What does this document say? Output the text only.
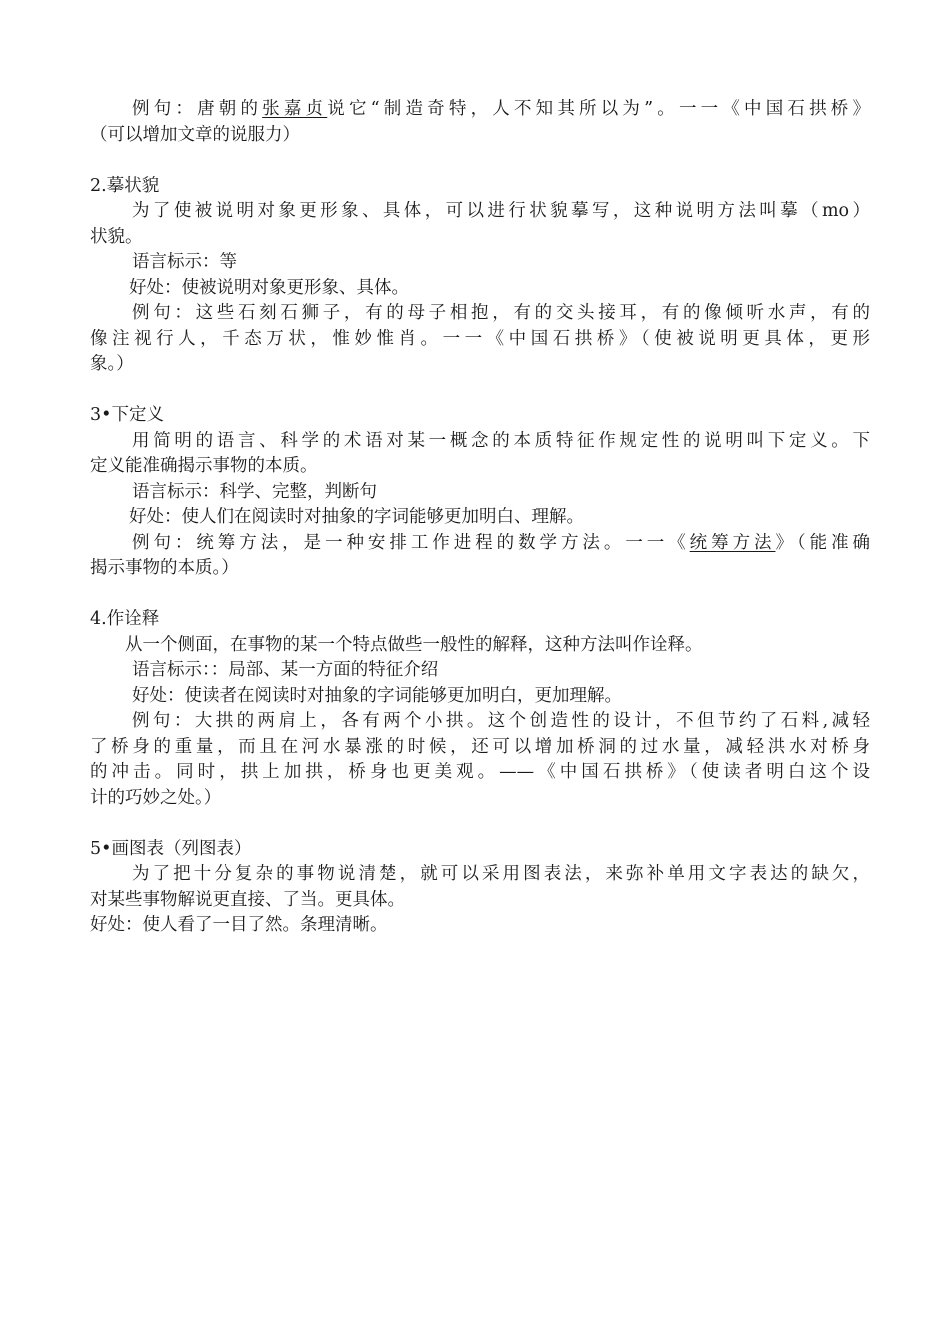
例句：唐朝的张嘉贞说它“制造奇特，人不知其所以为”。一一《中国石拱桥》
（可以增加文章的说服力）
2.摹状貌
为了使被说明对象更形象、具体，可以进行状貌摹写，这种说明方法叫摹（mo）
状貌。
语言标示：等
好处：使被说明对象更形象、具体。
例句：这些石刻石狮子，有的母子相抱，有的交头接耳，有的像倾听水声，有的
像注视行人，千态万状，惟妙惟肖。一一《中国石拱桥》（使被说明更具体，更形
象。）
3•下定义
用简明的语言、科学的术语对某一概念的本质特征作规定性的说明叫下定义。下
定义能准确揭示事物的本质。
语言标示：科学、完整，判断句
好处：使人们在阅读时对抽象的字词能够更加明白、理解。
例句：统筹方法，是一种安排工作进程的数学方法。一一《统筹方法》（能准确
揭示事物的本质。）
4.作诠释
从一个侧面，在事物的某一个特点做些一般性的解释，这种方法叫作诠释。
语言标示：：局部、某一方面的特征介绍
好处：使读者在阅读时对抽象的字词能够更加明白，更加理解。
例句：大拱的两肩上，各有两个小拱。这个创造性的设计，不但节约了石料,减轻
了桥身的重量，而且在河水暴涨的时候，还可以增加桥洞的过水量，减轻洪水对桥身
的冲击。同时，拱上加拱，桥身也更美观。——《中国石拱桥》（使读者明白这个设
计的巧妙之处。）
5•画图表（列图表）
为了把十分复杂的事物说清楚，就可以采用图表法，来弥补单用文字表达的缺欠，
对某些事物解说更直接、了当。更具体。
好处：使人看了一目了然。条理清晰。
